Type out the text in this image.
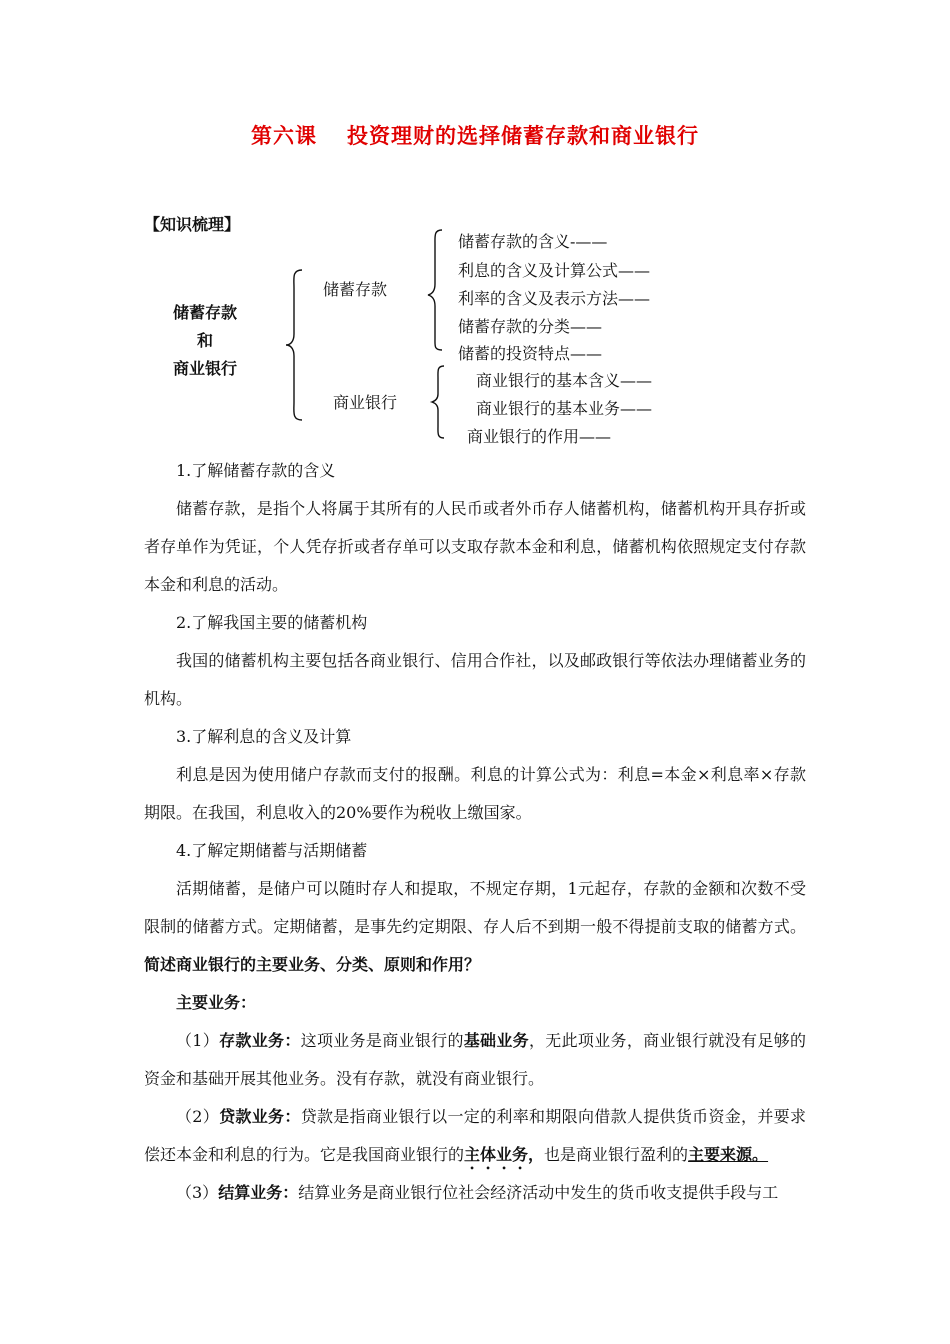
第六课 投资理财的选择储蓄存款和商业银行
【知识梳理】
储蓄存款
和
商业银行
储蓄存款
商业银行
储蓄存款的含义-——
利息的含义及计算公式——
利率的含义及表示方法——
储蓄存款的分类——
储蓄的投资特点——
商业银行的基本含义——
商业银行的基本业务——
商业银行的作用——

1.了解储蓄存款的含义

储蓄存款，是指个人将属于其所有的人民币或者外币存人储蓄机构，储蓄机构开具存折或者存单作为凭证，个人凭存折或者存单可以支取存款本金和利息，储蓄机构依照规定支付存款本金和利息的活动。

2.了解我国主要的储蓄机构

我国的储蓄机构主要包括各商业银行、信用合作社，以及邮政银行等依法办理储蓄业务的机构。

3.了解利息的含义及计算

利息是因为使用储户存款而支付的报酬。利息的计算公式为：利息=本金×利息率×存款期限。在我国，利息收入的20%要作为税收上缴国家。

4.了解定期储蓄与活期储蓄

活期储蓄，是储户可以随时存人和提取，不规定存期，1元起存，存款的金额和次数不受限制的储蓄方式。定期储蓄，是事先约定期限、存人后不到期一般不得提前支取的储蓄方式。简述商业银行的主要业务、分类、原则和作用？

主要业务：

（1）存款业务：这项业务是商业银行的基础业务，无此项业务，商业银行就没有足够的资金和基础开展其他业务。没有存款，就没有商业银行。

（2）贷款业务：贷款是指商业银行以一定的利率和期限向借款人提供货币资金，并要求偿还本金和利息的行为。它是我国商业银行的主体业务，也是商业银行盈利的主要来源。

（3）结算业务：结算业务是商业银行位社会经济活动中发生的货币收支提供手段与工
